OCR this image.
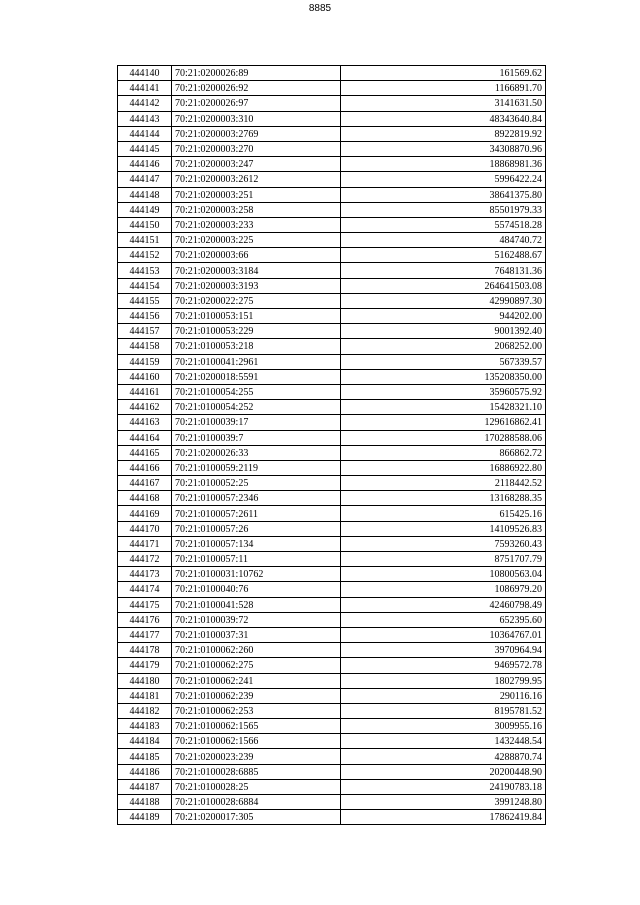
8885
444140	70:21:0200026:89	161569.62
444141	70:21:0200026:92	1166891.70
444142	70:21:0200026:97	3141631.50
444143	70:21:0200003:310	48343640.84
444144	70:21:0200003:2769	8922819.92
444145	70:21:0200003:270	34308870.96
444146	70:21:0200003:247	18868981.36
444147	70:21:0200003:2612	5996422.24
444148	70:21:0200003:251	38641375.80
444149	70:21:0200003:258	85501979.33
444150	70:21:0200003:233	5574518.28
444151	70:21:0200003:225	484740.72
444152	70:21:0200003:66	5162488.67
444153	70:21:0200003:3184	7648131.36
444154	70:21:0200003:3193	264641503.08
444155	70:21:0200022:275	42990897.30
444156	70:21:0100053:151	944202.00
444157	70:21:0100053:229	9001392.40
444158	70:21:0100053:218	2068252.00
444159	70:21:0100041:2961	567339.57
444160	70:21:0200018:5591	135208350.00
444161	70:21:0100054:255	35960575.92
444162	70:21:0100054:252	15428321.10
444163	70:21:0100039:17	129616862.41
444164	70:21:0100039:7	170288588.06
444165	70:21:0200026:33	866862.72
444166	70:21:0100059:2119	16886922.80
444167	70:21:0100052:25	2118442.52
444168	70:21:0100057:2346	13168288.35
444169	70:21:0100057:2611	615425.16
444170	70:21:0100057:26	14109526.83
444171	70:21:0100057:134	7593260.43
444172	70:21:0100057:11	8751707.79
444173	70:21:0100031:10762	10800563.04
444174	70:21:0100040:76	1086979.20
444175	70:21:0100041:528	42460798.49
444176	70:21:0100039:72	652395.60
444177	70:21:0100037:31	10364767.01
444178	70:21:0100062:260	3970964.94
444179	70:21:0100062:275	9469572.78
444180	70:21:0100062:241	1802799.95
444181	70:21:0100062:239	290116.16
444182	70:21:0100062:253	8195781.52
444183	70:21:0100062:1565	3009955.16
444184	70:21:0100062:1566	1432448.54
444185	70:21:0200023:239	4288870.74
444186	70:21:0100028:6885	20200448.90
444187	70:21:0100028:25	24190783.18
444188	70:21:0100028:6884	3991248.80
444189	70:21:0200017:305	17862419.84
